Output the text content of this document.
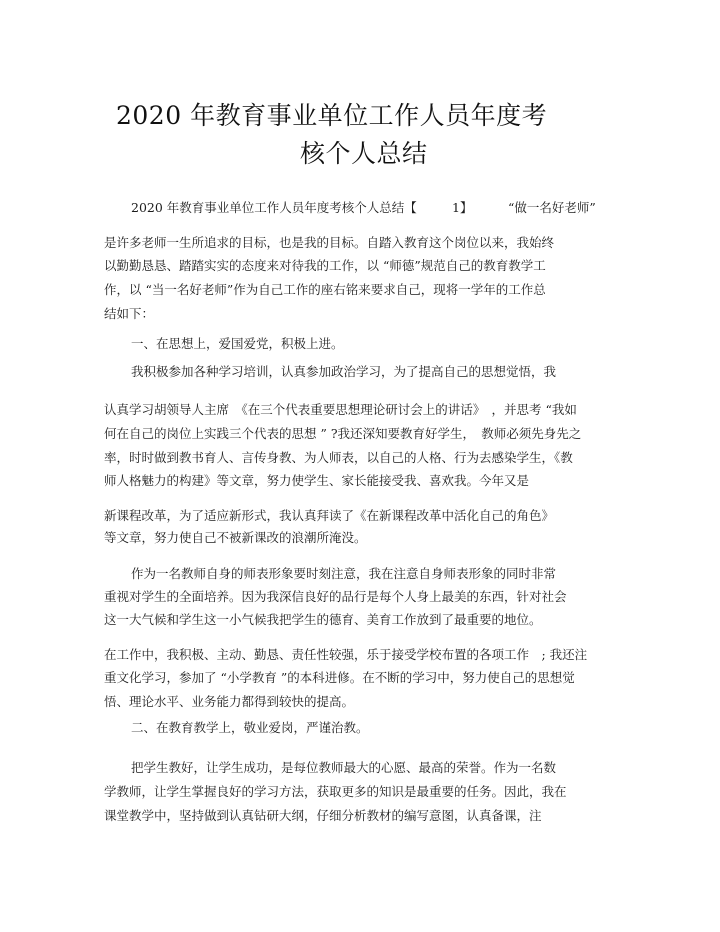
2020 年教育事业单位工作人员年度考
核个人总结
2020 年教育事业单位工作人员年度考核个人总结【	1】	“做一名好老师”
是许多老师一生所追求的目标，也是我的目标。自踏入教育这个岗位以来，我始终
以勤勤恳恳、踏踏实实的态度来对待我的工作，以 “师德”规范自己的教育教学工
作，以 “当一名好老师”作为自己工作的座右铭来要求自己，现将一学年的工作总
结如下：
一、在思想上，爱国爱党，积极上进。
我积极参加各种学习培训，认真参加政治学习，为了提高自己的思想觉悟，我
认真学习胡领导人主席　《在三个代表重要思想理论研讨会上的讲话》　，并思考 “我如
何在自己的岗位上实践三个代表的思想 ” ?我还深知要教育好学生，　教师必须先身先之
率，时时做到教书育人、言传身教、为人师表，以自己的人格、行为去感染学生，《教
师人格魅力的构建》等文章，努力使学生、家长能接受我、喜欢我。今年又是
新课程改革，为了适应新形式，我认真拜读了《在新课程改革中活化自己的角色》
等文章，努力使自己不被新课改的浪潮所淹没。
作为一名教师自身的师表形象要时刻注意，我在注意自身师表形象的同时非常
重视对学生的全面培养。因为我深信良好的品行是每个人身上最美的东西，针对社会
这一大气候和学生这一小气候我把学生的德育、美育工作放到了最重要的地位。
在工作中，我积极、主动、勤恳、责任性较强，乐于接受学校布置的各项工作　; 我还注
重文化学习，参加了 “小学教育 ”的本科进修。在不断的学习中，努力使自己的思想觉
悟、理论水平、业务能力都得到较快的提高。
二、在教育教学上，敬业爱岗，严谨治教。
把学生教好，让学生成功，是每位教师最大的心愿、最高的荣誉。作为一名数
学教师，让学生掌握良好的学习方法，获取更多的知识是最重要的任务。因此，我在
课堂教学中，坚持做到认真钻研大纲，仔细分析教材的编写意图，认真备课，注
